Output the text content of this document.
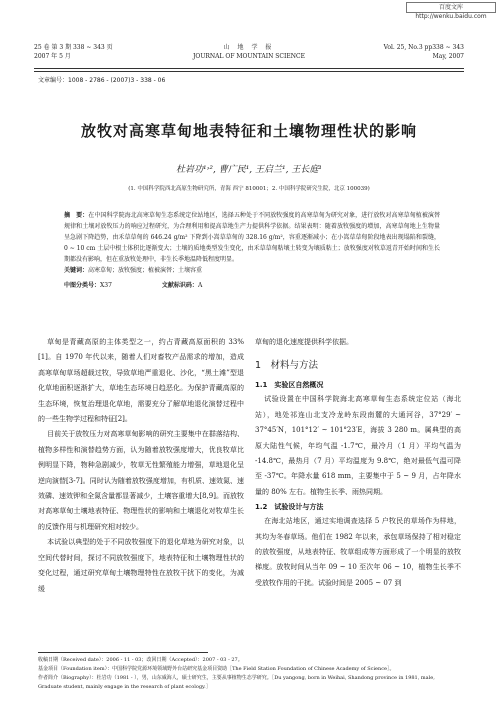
百度文库 http://wenku.baidu.com
25 卷 第 3 期 338 ~ 343 页
2007 年 5 月
山 地 学 报
JOURNAL OF MOUNTAIN SCIENCE
Vol. 25, No.3 pp338 ~ 343
May, 2007
文章编号：1008 - 2786 - (2007)3 - 338 - 06
放牧对高寒草甸地表特征和土壤物理性状的影响
杜岩功¹˒², 曹广民¹, 王启兰¹, 王长庭¹
(1. 中国科学院西北高原生物研究所，青海 西宁 810001；2. 中国科学院研究生院，北京 100039)
摘　要：在中国科学院海北高寒草甸生态系统定位站地区，选择五种处于不同放牧强度的高寒草甸为研究对象，进行放牧对高寒草甸植被演替规律和土壤对放牧压力的响应过程研究，为合理利用和提高草地生产力提供科学依据。结果表明：随着放牧强度的增加，高寒草甸地上生物量呈急剧下降趋势，由禾草草甸的 646.24 g/m² 下降到小嵩草草甸的 328.16 g/m²，容重逐渐减小；在小嵩草草甸阶段地表出现塌陷和裂缝，0 ~ 10 cm 土层中根土体积比逐渐变大；土壤的质地类型发生变化，由禾草草甸粘壤土转变为壤质粘土；放牧强度对牧草返青开始时间和生长期都没有影响，但在重放牧处理中，非生长季地温降低程度明显。
关键词：高寒草甸；放牧强度；植被演替；土壤容重
中图分类号：X37	文献标识码：A

草甸是青藏高原的主体类型之一，约占青藏高原面积的 33%[1]。自 1970 年代以来，随着人们对畜牧产品需求的增加，造成高寒草甸草场超载过牧，导致草地严重退化、沙化，“黑土滩”型退化草地面积逐渐扩大，草地生态环境日趋恶化。为保护青藏高原的生态环境，恢复治理退化草地，需要充分了解草地退化演替过程中的一些生物学过程和特征[2]。

目前关于放牧压力对高寒草甸影响的研究主要集中在群落结构、植物多样性和演替趋势方面，认为随着放牧强度增大，优良牧草比例明显下降，物种急剧减少，牧草无性繁殖能力增强，草地退化呈逆向演替[3-7]。同时认为随着放牧强度增加，有机质、速效氮、速效磷、速效钾和全氮含量都显著减少，土壤容重增大[8,9]。而放牧对高寒草甸土壤地表特征、物理性状的影响和土壤退化对牧草生长的反馈作用与机理研究相对较少。

本试验以典型的处于不同放牧强度下的退化草地为研究对象，以空间代替时间，探讨不同放牧强度下，地表特征和土壤物理性状的变化过程，通过研究草甸土壤物理特性在放牧干扰下的变化，为减缓

草甸的退化速度提供科学依据。

1　材料与方法
1.1　实验区自然概况

试验设置在中国科学院海北高寒草甸生态系统定位站（海北站），地处祁连山北支冷龙岭东段南麓的大通河谷，37°29′ ~ 37°45′N，101°12′ ~ 101°23′E，海拔 3 280 m。属典型的高原大陆性气候，年均气温 -1.7℃，最冷月（1 月）平均气温为 -14.8℃，最热月（7 月）平均温度为 9.8℃，绝对最低气温可降至 -37℃。年降水量 618 mm，主要集中于 5 ~ 9 月，占年降水量的 80% 左右。植物生长季、雨热同期。

1.2　试验设计与方法

在海北站地区，通过实地调查选择 5 户牧民的草场作为样地，其均为冬春草场。他们在 1982 年以来，承包草场保持了相对稳定的放牧强度，从地表特征、牧草组成等方面形成了一个明显的放牧梯度。放牧时间从当年 09 ~ 10 至次年 06 ~ 10，植物生长季不受放牧作用的干扰。试验时间是 2005 ~ 07 到

收稿日期（Received date）：2006 - 11 - 03；改回日期（Accepted）：2007 - 03 - 27。

基金项目（Foundation item）：中国科学院党源环境领域野外台站研究基金项目资助［The Field Station Foundation of Chinese Academy of Science］。

作者简介（Biography）：杜岩功（1981 - ），男，山东威海人，硕士研究生，主要从事植物生态学研究。［Du yangong, born in Weihai, Shandong province in 1981, male, Graduate student, mainly engage in the research of plant ecology.］
